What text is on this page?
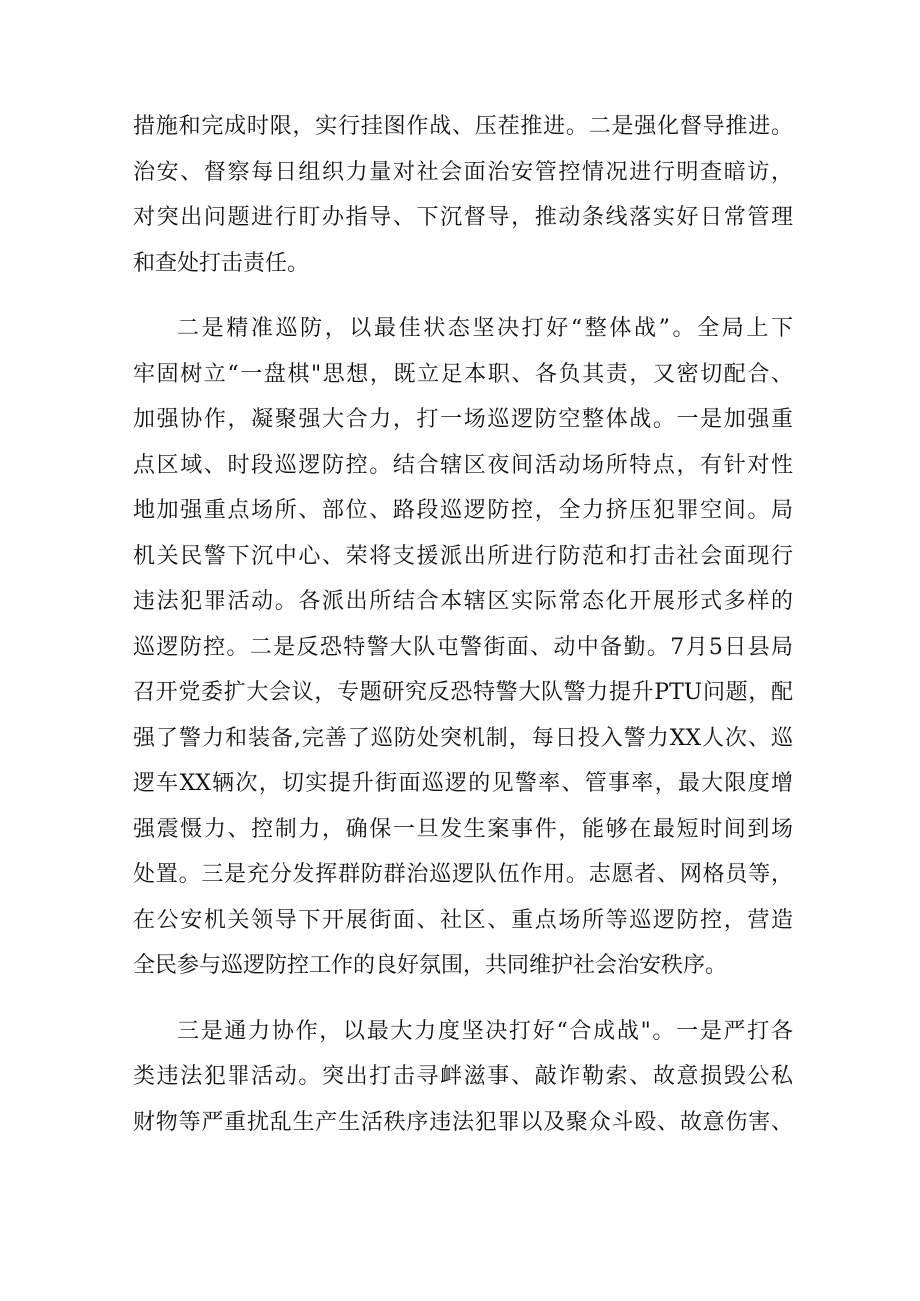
措施和完成时限，实行挂图作战、压茬推进。二是强化督导推进。
治安、督察每日组织力量对社会面治安管控情况进行明查暗访，
对突出问题进行盯办指导、下沉督导，推动条线落实好日常管理
和查处打击责任。
二是精准巡防，以最佳状态坚决打好“整体战”。全局上下
牢固树立“一盘棋"思想，既立足本职、各负其责，又密切配合、
加强协作，凝聚强大合力，打一场巡逻防空整体战。一是加强重
点区域、时段巡逻防控。结合辖区夜间活动场所特点，有针对性
地加强重点场所、部位、路段巡逻防控，全力挤压犯罪空间。局
机关民警下沉中心、荣将支援派出所进行防范和打击社会面现行
违法犯罪活动。各派出所结合本辖区实际常态化开展形式多样的
巡逻防控。二是反恐特警大队屯警街面、动中备勤。7月5日县局
召开党委扩大会议，专题研究反恐特警大队警力提升PTU问题，配
强了警力和装备,完善了巡防处突机制，每日投入警力XX人次、巡
逻车XX辆次，切实提升街面巡逻的见警率、管事率，最大限度增
强震慑力、控制力，确保一旦发生案事件，能够在最短时间到场
处置。三是充分发挥群防群治巡逻队伍作用。志愿者、网格员等，
在公安机关领导下开展街面、社区、重点场所等巡逻防控，营造
全民参与巡逻防控工作的良好氛围，共同维护社会治安秩序。
三是通力协作，以最大力度坚决打好“合成战"。一是严打各
类违法犯罪活动。突出打击寻衅滋事、敲诈勒索、故意损毁公私
财物等严重扰乱生产生活秩序违法犯罪以及聚众斗殴、故意伤害、
